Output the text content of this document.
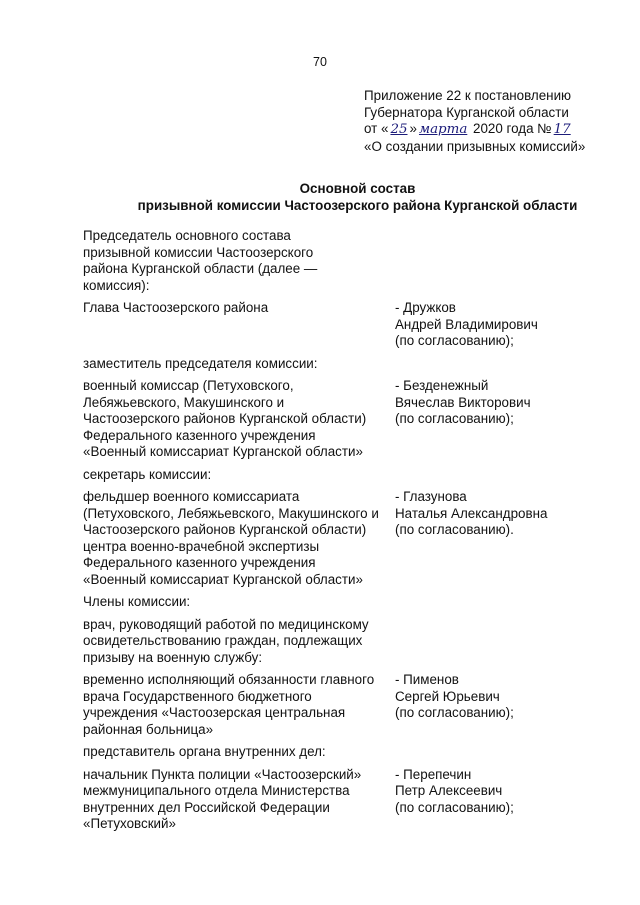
70
Приложение 22 к постановлению
Губернатора Курганской области
от « 25 » марта 2020 года № 17
«О создании призывных комиссий»
Основной состав
призывной комиссии Частоозерского района Курганской области
Председатель основного состава
призывной комиссии Частоозерского
района Курганской области (далее —
комиссия):
Глава Частоозерского района	- Дружков
Андрей Владимирович
(по согласованию);
заместитель председателя комиссии:
военный комиссар (Петуховского,
Лебяжьевского, Макушинского и
Частоозерского районов Курганской области)
Федерального казенного учреждения
«Военный комиссариат Курганской области»
- Безденежный
Вячеслав Викторович
(по согласованию);
секретарь комиссии:
фельдшер военного комиссариата
(Петуховского, Лебяжьевского, Макушинского и
Частоозерского районов Курганской области)
центра военно-врачебной экспертизы
Федерального казенного учреждения
«Военный комиссариат Курганской области»
- Глазунова
Наталья Александровна
(по согласованию).
Члены комиссии:
врач, руководящий работой по медицинскому
освидетельствованию граждан, подлежащих
призыву на военную службу:
временно исполняющий обязанности главного
врача Государственного бюджетного
учреждения «Частоозерская центральная
районная больница»
- Пименов
Сергей Юрьевич
(по согласованию);
представитель органа внутренних дел:
начальник Пункта полиции «Частоозерский»
межмуниципального отдела Министерства
внутренних дел Российской Федерации
«Петуховский»
- Перепечин
Петр Алексеевич
(по согласованию);
